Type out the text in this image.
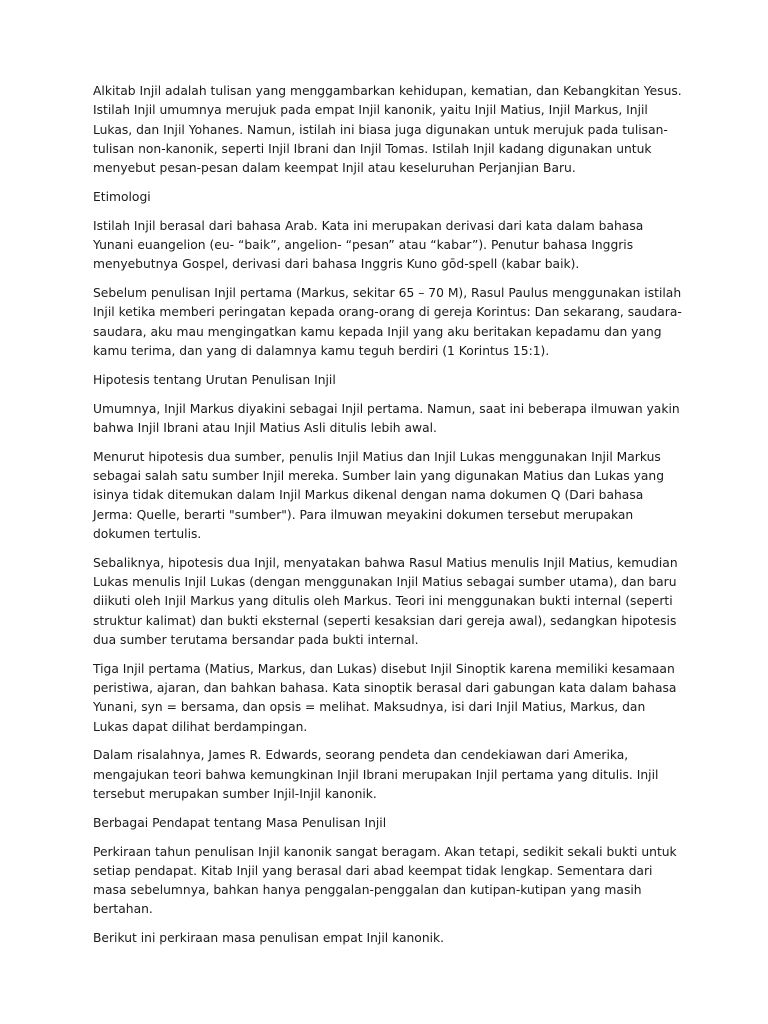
Alkitab Injil adalah tulisan yang menggambarkan kehidupan, kematian, dan Kebangkitan Yesus. Istilah Injil umumnya merujuk pada empat Injil kanonik, yaitu Injil Matius, Injil Markus, Injil Lukas, dan Injil Yohanes. Namun, istilah ini biasa juga digunakan untuk merujuk pada tulisan-tulisan non-kanonik, seperti Injil Ibrani dan Injil Tomas. Istilah Injil kadang digunakan untuk menyebut pesan-pesan dalam keempat Injil atau keseluruhan Perjanjian Baru.

Etimologi

Istilah Injil berasal dari bahasa Arab. Kata ini merupakan derivasi dari kata dalam bahasa Yunani euangelion (eu- “baik”, angelion- “pesan” atau “kabar”). Penutur bahasa Inggris menyebutnya Gospel, derivasi dari bahasa Inggris Kuno gōd-spell (kabar baik).

Sebelum penulisan Injil pertama (Markus, sekitar 65 – 70 M), Rasul Paulus menggunakan istilah Injil ketika memberi peringatan kepada orang-orang di gereja Korintus: Dan sekarang, saudara-saudara, aku mau mengingatkan kamu kepada Injil yang aku beritakan kepadamu dan yang kamu terima, dan yang di dalamnya kamu teguh berdiri (1 Korintus 15:1).

Hipotesis tentang Urutan Penulisan Injil

Umumnya, Injil Markus diyakini sebagai Injil pertama. Namun, saat ini beberapa ilmuwan yakin bahwa Injil Ibrani atau Injil Matius Asli ditulis lebih awal.

Menurut hipotesis dua sumber, penulis Injil Matius dan Injil Lukas menggunakan Injil Markus sebagai salah satu sumber Injil mereka. Sumber lain yang digunakan Matius dan Lukas yang isinya tidak ditemukan dalam Injil Markus dikenal dengan nama dokumen Q (Dari bahasa Jerma: Quelle, berarti "sumber"). Para ilmuwan meyakini dokumen tersebut merupakan dokumen tertulis.

Sebaliknya, hipotesis dua Injil, menyatakan bahwa Rasul Matius menulis Injil Matius, kemudian Lukas menulis Injil Lukas (dengan menggunakan Injil Matius sebagai sumber utama), dan baru diikuti oleh Injil Markus yang ditulis oleh Markus. Teori ini menggunakan bukti internal (seperti struktur kalimat) dan bukti eksternal (seperti kesaksian dari gereja awal), sedangkan hipotesis dua sumber terutama bersandar pada bukti internal.

Tiga Injil pertama (Matius, Markus, dan Lukas) disebut Injil Sinoptik karena memiliki kesamaan peristiwa, ajaran, dan bahkan bahasa. Kata sinoptik berasal dari gabungan kata dalam bahasa Yunani, syn = bersama, dan opsis = melihat. Maksudnya, isi dari Injil Matius, Markus, dan Lukas dapat dilihat berdampingan.

Dalam risalahnya, James R. Edwards, seorang pendeta dan cendekiawan dari Amerika, mengajukan teori bahwa kemungkinan Injil Ibrani merupakan Injil pertama yang ditulis. Injil tersebut merupakan sumber Injil-Injil kanonik.

Berbagai Pendapat tentang Masa Penulisan Injil

Perkiraan tahun penulisan Injil kanonik sangat beragam. Akan tetapi, sedikit sekali bukti untuk setiap pendapat. Kitab Injil yang berasal dari abad keempat tidak lengkap. Sementara dari masa sebelumnya, bahkan hanya penggalan-penggalan dan kutipan-kutipan yang masih bertahan.

Berikut ini perkiraan masa penulisan empat Injil kanonik.
